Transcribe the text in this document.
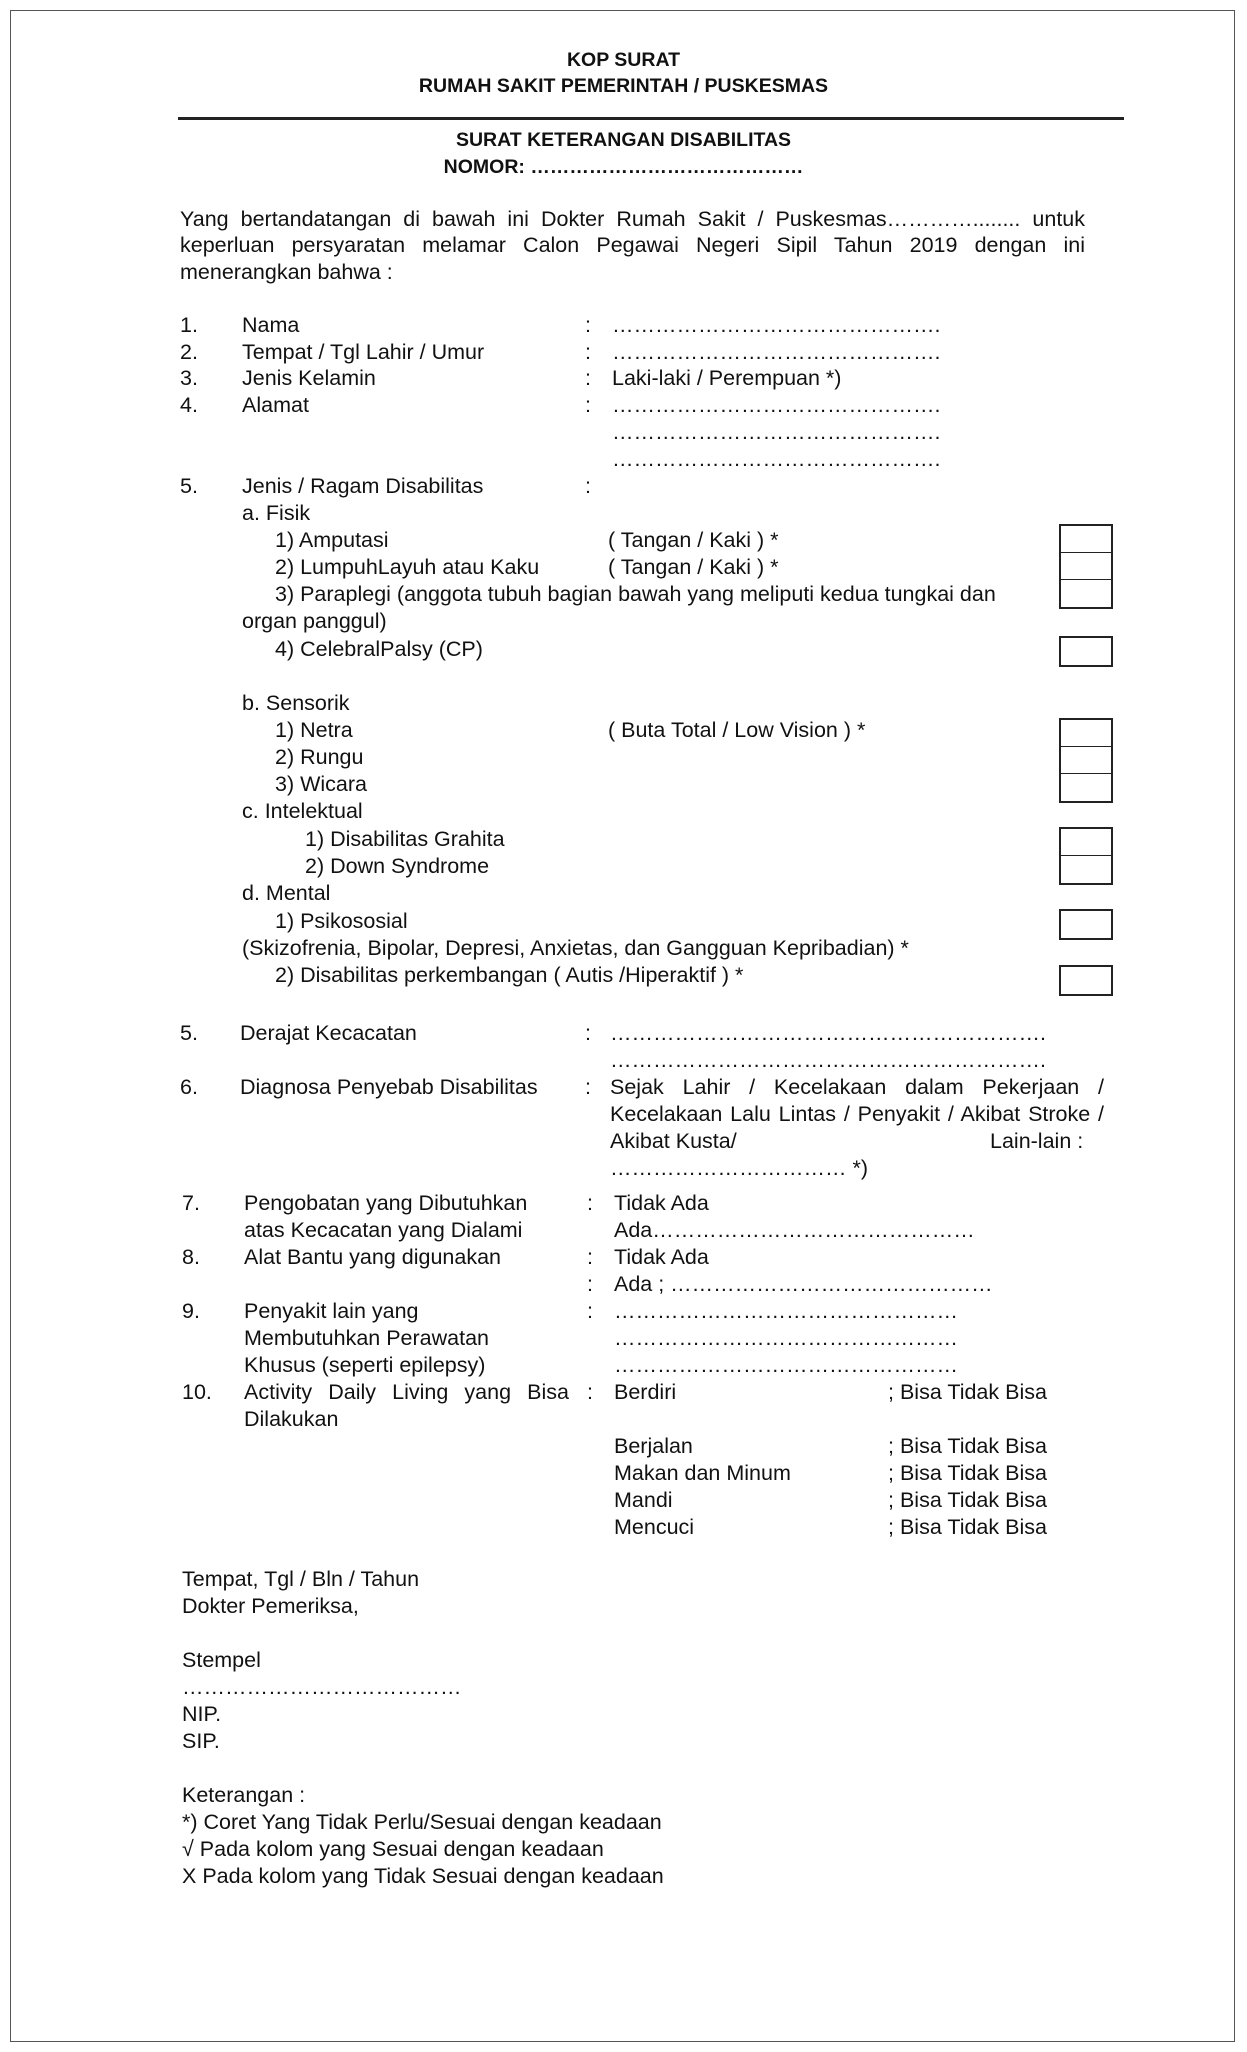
KOP SURAT
RUMAH SAKIT PEMERINTAH / PUSKESMAS
SURAT KETERANGAN DISABILITAS
NOMOR: ……………………………………
Yang bertandatangan di bawah ini Dokter Rumah Sakit / Puskesmas…………........ untuk
keperluan persyaratan melamar Calon Pegawai Negeri Sipil Tahun 2019 dengan ini
menerangkan bahwa :
1. Nama	: ……………………………………….
2. Tempat / Tgl Lahir / Umur	: ……………………………………….
3. Jenis Kelamin	: Laki-laki / Perempuan *)
4. Alamat	: ……………………………………….
……………………………………….
……………………………………….
5. Jenis / Ragam Disabilitas	:
a. Fisik
1) Amputasi	( Tangan / Kaki ) *
2) LumpuhLayuh atau Kaku	( Tangan / Kaki ) *
3) Paraplegi (anggota tubuh bagian bawah yang meliputi kedua tungkai dan
organ panggul)
4) CelebralPalsy (CP)
b. Sensorik
1) Netra	( Buta Total / Low Vision ) *
2) Rungu
3) Wicara
c. Intelektual
1) Disabilitas Grahita
2) Down Syndrome
d. Mental
1) Psikososial
(Skizofrenia, Bipolar, Depresi, Anxietas, dan Gangguan Kepribadian) *
2) Disabilitas perkembangan ( Autis /Hiperaktif ) *
5. Derajat Kecacatan	: …………………………………………………….
…………………………………………………….
6. Diagnosa Penyebab Disabilitas : Sejak Lahir / Kecelakaan dalam Pekerjaan /
Kecelakaan Lalu Lintas / Penyakit / Akibat Stroke /
Akibat Kusta/	Lain-lain :
…………………………… *)
7. Pengobatan yang Dibutuhkan
atas Kecacatan yang Dialami
: Tidak Ada
Ada………………………………………
8. Alat Bantu yang digunakan	: Tidak Ada
: Ada ; ………………………………………
9. Penyakit lain yang
Membutuhkan Perawatan
Khusus (seperti epilepsy)
: …………………………………………
…………………………………………
…………………………………………
10. Activity Daily Living yang Bisa
Dilakukan
: Berdiri	; Bisa Tidak Bisa
Berjalan	; Bisa Tidak Bisa
Makan dan Minum	; Bisa Tidak Bisa
Mandi	; Bisa Tidak Bisa
Mencuci	; Bisa Tidak Bisa
Tempat, Tgl / Bln / Tahun
Dokter Pemeriksa,
Stempel
…………………………………
NIP.
SIP.
Keterangan :
*) Coret Yang Tidak Perlu/Sesuai dengan keadaan
√ Pada kolom yang Sesuai dengan keadaan
X Pada kolom yang Tidak Sesuai dengan keadaan
